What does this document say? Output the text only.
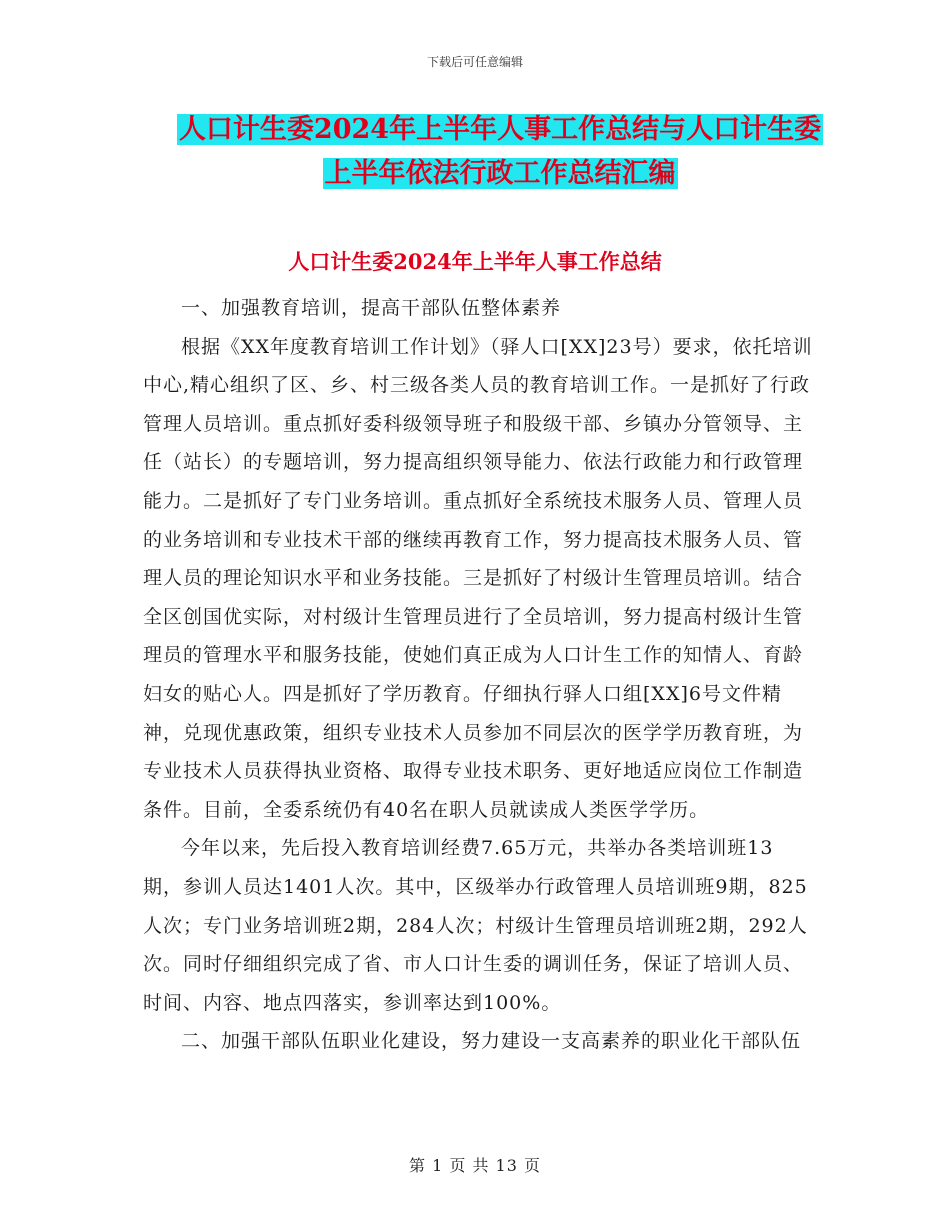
下载后可任意编辑
人口计生委2024年上半年人事工作总结与人口计生委
上半年依法行政工作总结汇编
人口计生委2024年上半年人事工作总结

一、加强教育培训，提高干部队伍整体素养

根据《XX年度教育培训工作计划》（驿人口[XX]23号）要求，依托培训中心,精心组织了区、乡、村三级各类人员的教育培训工作。一是抓好了行政管理人员培训。重点抓好委科级领导班子和股级干部、乡镇办分管领导、主任（站长）的专题培训，努力提高组织领导能力、依法行政能力和行政管理能力。二是抓好了专门业务培训。重点抓好全系统技术服务人员、管理人员的业务培训和专业技术干部的继续再教育工作，努力提高技术服务人员、管理人员的理论知识水平和业务技能。三是抓好了村级计生管理员培训。结合全区创国优实际，对村级计生管理员进行了全员培训，努力提高村级计生管理员的管理水平和服务技能，使她们真正成为人口计生工作的知情人、育龄妇女的贴心人。四是抓好了学历教育。仔细执行驿人口组[XX]6号文件精神，兑现优惠政策，组织专业技术人员参加不同层次的医学学历教育班，为专业技术人员获得执业资格、取得专业技术职务、更好地适应岗位工作制造条件。目前，全委系统仍有40名在职人员就读成人类医学学历。

今年以来，先后投入教育培训经费7.65万元，共举办各类培训班13期，参训人员达1401人次。其中，区级举办行政管理人员培训班9期，825人次；专门业务培训班2期，284人次；村级计生管理员培训班2期，292人次。同时仔细组织完成了省、市人口计生委的调训任务，保证了培训人员、时间、内容、地点四落实，参训率达到100%。

二、加强干部队伍职业化建设，努力建设一支高素养的职业化干部队伍

第 1 页 共 13 页
